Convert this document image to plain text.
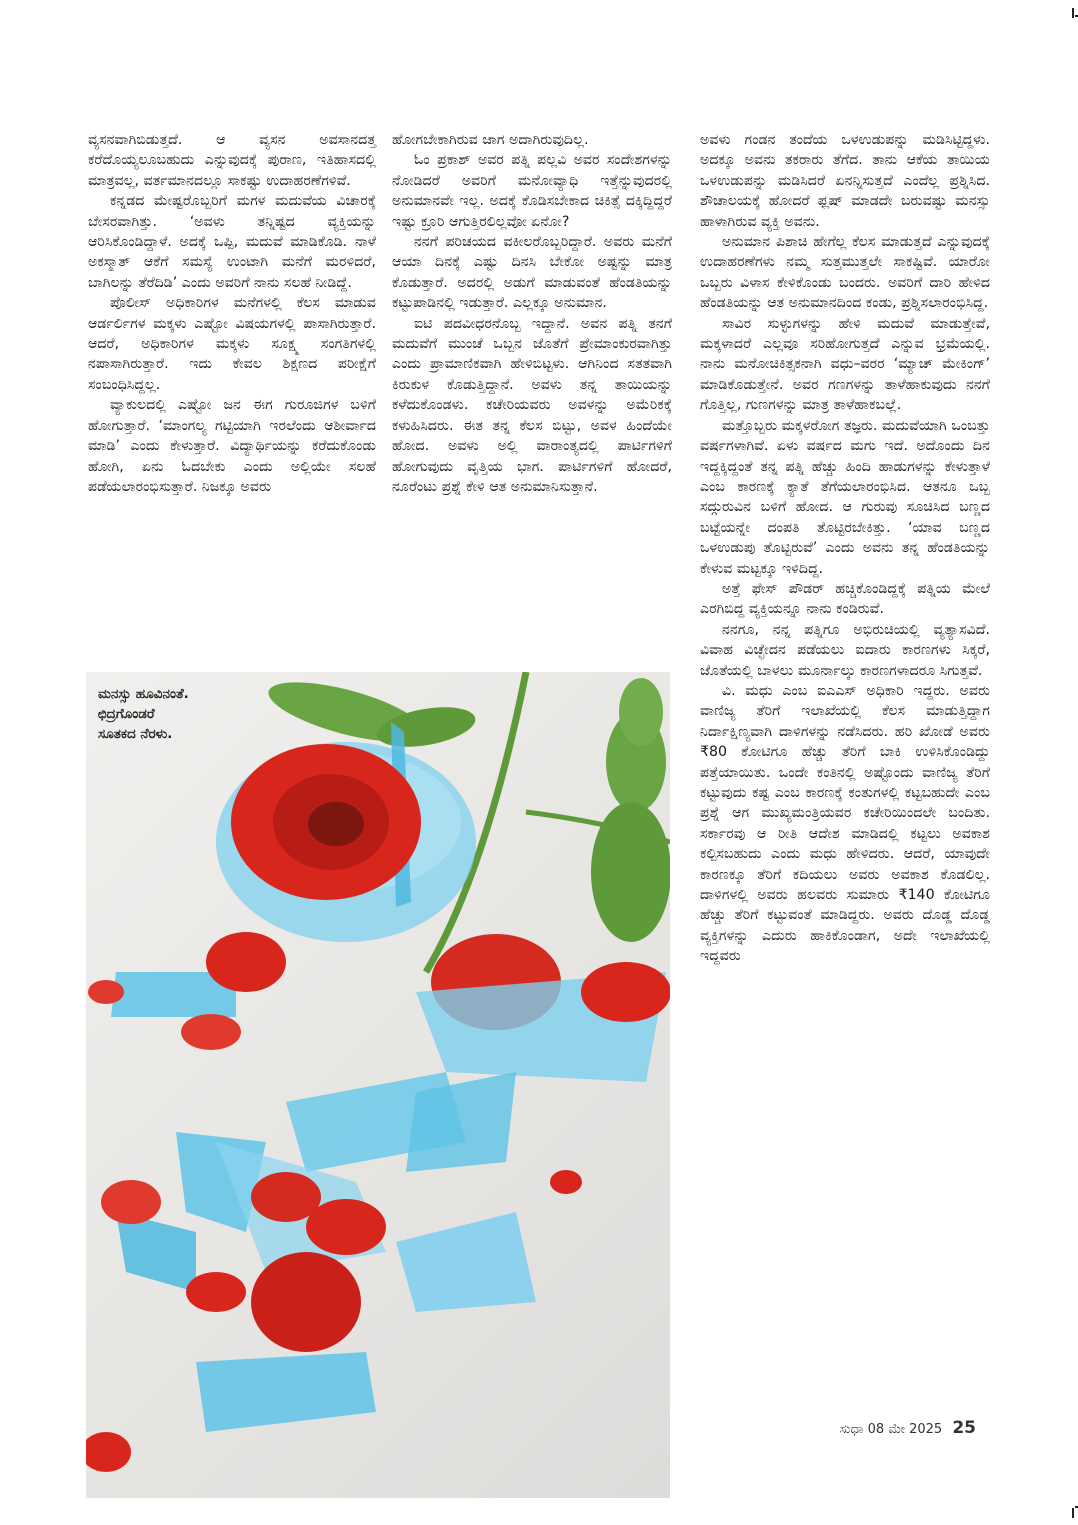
ವ್ಯಸನವಾಗಿಬಿಡುತ್ತದೆ. ಆ ವ್ಯಸನ ಅವಸಾನದತ್ತ ಕರೆದೊಯ್ಯಲೂಬಹುದು ಎನ್ನುವುದಕ್ಕೆ ಪುರಾಣ, ಇತಿಹಾಸದಲ್ಲಿ ಮಾತ್ರವಲ್ಲ, ವರ್ತಮಾನದಲ್ಲೂ ಸಾಕಷ್ಟು ಉದಾಹರಣೆಗಳಿವೆ.

ಕನ್ನಡದ ಮೇಷ್ಟರೊಬ್ಬರಿಗೆ ಮಗಳ ಮದುವೆಯ ವಿಚಾರಕ್ಕೆ ಬೇಸರವಾಗಿತ್ತು. ‘ಅವಳು ತನ್ನಿಷ್ಟದ ವ್ಯಕ್ತಿಯನ್ನು ಆರಿಸಿಕೊಂಡಿದ್ದಾಳೆ. ಅದಕ್ಕೆ ಒಪ್ಪಿ, ಮದುವೆ ಮಾಡಿಕೊಡಿ. ನಾಳೆ ಅಕಸ್ಮಾತ್ ಆಕೆಗೆ ಸಮಸ್ಯೆ ಉಂಟಾಗಿ ಮನೆಗೆ ಮರಳಿದರೆ, ಬಾಗಿಲನ್ನು ತೆರೆದಿಡಿ’ ಎಂದು ಅವರಿಗೆ ನಾನು ಸಲಹೆ ನೀಡಿದ್ದೆ.

ಪೊಲೀಸ್ ಅಧಿಕಾರಿಗಳ ಮನೆಗಳಲ್ಲಿ ಕೆಲಸ ಮಾಡುವ ಆರ್ಡರ್ಲಿಗಳ ಮಕ್ಕಳು ಎಷ್ಟೋ ವಿಷಯಗಳಲ್ಲಿ ಪಾಸಾಗಿರುತ್ತಾರೆ. ಆದರೆ, ಅಧಿಕಾರಿಗಳ ಮಕ್ಕಳು ಸೂಕ್ಷ್ಮ ಸಂಗತಿಗಳಲ್ಲಿ ನಪಾಸಾಗಿರುತ್ತಾರೆ. ಇದು ಕೇವಲ ಶಿಕ್ಷಣದ ಪರೀಕ್ಷೆಗೆ ಸಂಬಂಧಿಸಿದ್ದಲ್ಲ.

ವ್ಯಾಕುಲದಲ್ಲಿ ಎಷ್ಟೋ ಜನ ಈಗ ಗುರೂಜಿಗಳ ಬಳಿಗೆ ಹೋಗುತ್ತಾರೆ. ‘ಮಾಂಗಲ್ಯ ಗಟ್ಟಿಯಾಗಿ ಇರಲೆಂದು ಆಶೀರ್ವಾದ ಮಾಡಿ’ ಎಂದು ಕೇಳುತ್ತಾರೆ. ವಿದ್ಯಾರ್ಥಿಯನ್ನು ಕರೆದುಕೊಂಡು ಹೋಗಿ, ಏನು ಓದಬೇಕು ಎಂದು ಅಲ್ಲಿಯೇ ಸಲಹೆ ಪಡೆಯಲಾರಂಭಿಸುತ್ತಾರೆ. ನಿಜಕ್ಕೂ ಅವರು

ಹೋಗಬೇಕಾಗಿರುವ ಜಾಗ ಅದಾಗಿರುವುದಿಲ್ಲ.

ಓಂ ಪ್ರಕಾಶ್ ಅವರ ಪತ್ನಿ ಪಲ್ಲವಿ ಅವರ ಸಂದೇಶಗಳನ್ನು ನೋಡಿದರೆ ಅವರಿಗೆ ಮನೋವ್ಯಾಧಿ ಇತ್ತೆನ್ನುವುದರಲ್ಲಿ ಅನುಮಾನವೇ ಇಲ್ಲ. ಅದಕ್ಕೆ ಕೊಡಿಸಬೇಕಾದ ಚಿಕಿತ್ಸೆ ದಕ್ಕಿದ್ದಿದ್ದರೆ ಇಷ್ಟು ಕ್ರೂರಿ ಆಗುತ್ತಿರಲಿಲ್ಲವೋ ಏನೋ?

ನನಗೆ ಪರಿಚಯದ ವಕೀಲರೊಬ್ಬರಿದ್ದಾರೆ. ಅವರು ಮನೆಗೆ ಆಯಾ ದಿನಕ್ಕೆ ಎಷ್ಟು ದಿನಸಿ ಬೇಕೋ ಅಷ್ಟನ್ನು ಮಾತ್ರ ಕೊಡುತ್ತಾರೆ. ಅದರಲ್ಲಿ ಅಡುಗೆ ಮಾಡುವಂತೆ ಹೆಂಡತಿಯನ್ನು ಕಟ್ಟುಪಾಡಿನಲ್ಲಿ ಇಡುತ್ತಾರೆ. ಎಲ್ಲಕ್ಕೂ ಅನುಮಾನ.

ಐಟಿ ಪದವೀಧರನೊಬ್ಬ ಇದ್ದಾನೆ. ಅವನ ಪತ್ನಿ ತನಗೆ ಮದುವೆಗೆ ಮುಂಚೆ ಒಬ್ಬನ ಜೊತೆಗೆ ಪ್ರೇಮಾಂಕುರವಾಗಿತ್ತು ಎಂದು ಪ್ರಾಮಾಣಿಕವಾಗಿ ಹೇಳಿಬಿಟ್ಟಳು. ಆಗಿನಿಂದ ಸತತವಾಗಿ ಕಿರುಕುಳ ಕೊಡುತ್ತಿದ್ದಾನೆ. ಅವಳು ತನ್ನ ತಾಯಿಯನ್ನು ಕಳೆದುಕೊಂಡಳು. ಕಚೇರಿಯವರು ಅವಳನ್ನು ಅಮೆರಿಕಕ್ಕೆ ಕಳುಹಿಸಿದರು. ಈತ ತನ್ನ ಕೆಲಸ ಬಿಟ್ಟು, ಅವಳ ಹಿಂದೆಯೇ ಹೋದ. ಅವಳು ಅಲ್ಲಿ ವಾರಾಂತ್ಯದಲ್ಲಿ ಪಾರ್ಟಿಗಳಿಗೆ ಹೋಗುವುದು ವೃತ್ತಿಯ ಭಾಗ. ಪಾರ್ಟಿಗಳಿಗೆ ಹೋದರೆ, ನೂರೆಂಟು ಪ್ರಶ್ನೆ ಕೇಳಿ ಆತ ಅನುಮಾನಿಸುತ್ತಾನೆ.

ಅವಳು ಗಂಡನ ತಂದೆಯ ಒಳಉಡುಪನ್ನು ಮಡಿಸಿಟ್ಟಿದ್ದಳು. ಅದಕ್ಕೂ ಅವನು ತಕರಾರು ತೆಗೆದ. ತಾನು ಆಕೆಯ ತಾಯಿಯ ಒಳಉಡುಪನ್ನು ಮಡಿಸಿದರೆ ಏನನ್ನಿಸುತ್ತದೆ ಎಂದೆಲ್ಲ ಪ್ರಶ್ನಿಸಿದ. ಶೌಚಾಲಯಕ್ಕೆ ಹೋದರೆ ಫ್ಲಷ್ ಮಾಡದೇ ಬರುವಷ್ಟು ಮನಸ್ಸು ಹಾಳಾಗಿರುವ ವ್ಯಕ್ತಿ ಅವನು.

ಅನುಮಾನ ಪಿಶಾಚಿ ಹೇಗೆಲ್ಲ ಕೆಲಸ ಮಾಡುತ್ತದೆ ಎನ್ನುವುದಕ್ಕೆ ಉದಾಹರಣೆಗಳು ನಮ್ಮ ಸುತ್ತಮುತ್ತಲೇ ಸಾಕಷ್ಟಿವೆ. ಯಾರೋ ಒಬ್ಬರು ವಿಳಾಸ ಕೇಳಿಕೊಂಡು ಬಂದರು. ಅವರಿಗೆ ದಾರಿ ಹೇಳಿದ ಹೆಂಡತಿಯನ್ನು ಆತ ಅನುಮಾನದಿಂದ ಕಂಡು, ಪ್ರಶ್ನಿಸಲಾರಂಭಿಸಿದ್ದ.

ಸಾವಿರ ಸುಳ್ಳುಗಳನ್ನು ಹೇಳಿ ಮದುವೆ ಮಾಡುತ್ತೇವೆ, ಮಕ್ಕಳಾದರೆ ಎಲ್ಲವೂ ಸರಿಹೋಗುತ್ತದೆ ಎನ್ನುವ ಭ್ರಮೆಯಲ್ಲಿ. ನಾನು ಮನೋಚಿಕಿತ್ಸಕನಾಗಿ ವಧು–ವರರ ‘ಮ್ಯಾಚ್ ಮೇಕಿಂಗ್’ ಮಾಡಿಕೊಡುತ್ತೇನೆ. ಅವರ ಗಣಗಳನ್ನು ತಾಳೆಹಾಕುವುದು ನನಗೆ ಗೊತ್ತಿಲ್ಲ, ಗುಣಗಳನ್ನು ಮಾತ್ರ ತಾಳೆಹಾಕಬಲ್ಲೆ.

ಮತ್ತೊಬ್ಬರು ಮಕ್ಕಳರೋಗ ತಜ್ಞರು. ಮದುವೆಯಾಗಿ ಒಂಬತ್ತು ವರ್ಷಗಳಾಗಿವೆ. ಏಳು ವರ್ಷದ ಮಗು ಇದೆ. ಅದೊಂದು ದಿನ ಇದ್ದಕ್ಕಿದ್ದಂತೆ ತನ್ನ ಪತ್ನಿ ಹೆಚ್ಚು ಹಿಂದಿ ಹಾಡುಗಳನ್ನು ಕೇಳುತ್ತಾಳೆ ಎಂಬ ಕಾರಣಕ್ಕೆ ಕ್ಯಾತೆ ತೆಗೆಯಲಾರಂಭಿಸಿದ. ಆತನೂ ಒಬ್ಬ ಸದ್ಗುರುವಿನ ಬಳಿಗೆ ಹೋದ. ಆ ಗುರುವು ಸೂಚಿಸಿದ ಬಣ್ಣದ ಬಟ್ಟೆಯನ್ನೇ ದಂಪತಿ ತೊಟ್ಟಿರಬೇಕಿತ್ತು. ‘ಯಾವ ಬಣ್ಣದ ಒಳಉಡುಪು ತೊಟ್ಟಿರುವೆ’ ಎಂದು ಅವನು ತನ್ನ ಹೆಂಡತಿಯನ್ನು ಕೇಳುವ ಮಟ್ಟಕ್ಕೂ ಇಳಿದಿದ್ದ.

ಅತ್ತೆ ಫೇಸ್ ಪೌಡರ್ ಹಚ್ಚಿಕೊಂಡಿದ್ದಕ್ಕೆ ಪತ್ನಿಯ ಮೇಲೆ ಎರಗಿಬಿದ್ದ ವ್ಯಕ್ತಿಯನ್ನೂ ನಾನು ಕಂಡಿರುವೆ.

ನನಗೂ, ನನ್ನ ಪತ್ನಿಗೂ ಅಭಿರುಚಿಯಲ್ಲಿ ವ್ಯತ್ಯಾಸವಿದೆ. ವಿವಾಹ ವಿಚ್ಛೇದನ ಪಡೆಯಲು ಐದಾರು ಕಾರಣಗಳು ಸಿಕ್ಕರೆ, ಜೊತೆಯಲ್ಲಿ ಬಾಳಲು ಮೂರ್ನಾಲ್ಕು ಕಾರಣಗಳಾದರೂ ಸಿಗುತ್ತವೆ.

ವಿ. ಮಧು ಎಂಬ ಐಎಎಸ್ ಅಧಿಕಾರಿ ಇದ್ದರು. ಅವರು ವಾಣಿಜ್ಯ ತೆರಿಗೆ ಇಲಾಖೆಯಲ್ಲಿ ಕೆಲಸ ಮಾಡುತ್ತಿದ್ದಾಗ ನಿರ್ದಾಕ್ಷಿಣ್ಯವಾಗಿ ದಾಳಿಗಳನ್ನು ನಡೆಸಿದರು. ಹರಿ ಖೋಡೆ ಅವರು ₹80 ಕೋಟಿಗೂ ಹೆಚ್ಚು ತೆರಿಗೆ ಬಾಕಿ ಉಳಿಸಿಕೊಂಡಿದ್ದು ಪತ್ತೆಯಾಯಿತು. ಒಂದೇ ಕಂತಿನಲ್ಲಿ ಅಷ್ಟೊಂದು ವಾಣಿಜ್ಯ ತೆರಿಗೆ ಕಟ್ಟುವುದು ಕಷ್ಟ ಎಂಬ ಕಾರಣಕ್ಕೆ ಕಂತುಗಳಲ್ಲಿ ಕಟ್ಟಬಹುದೇ ಎಂಬ ಪ್ರಶ್ನೆ ಆಗ ಮುಖ್ಯಮಂತ್ರಿಯವರ ಕಚೇರಿಯಿಂದಲೇ ಬಂದಿತು. ಸರ್ಕಾರವು ಆ ರೀತಿ ಆದೇಶ ಮಾಡಿದಲ್ಲಿ ಕಟ್ಟಲು ಅವಕಾಶ ಕಲ್ಪಿಸಬಹುದು ಎಂದು ಮಧು ಹೇಳಿದರು. ಆದರೆ, ಯಾವುದೇ ಕಾರಣಕ್ಕೂ ತೆರಿಗೆ ಕದಿಯಲು ಅವರು ಅವಕಾಶ ಕೊಡಲಿಲ್ಲ. ದಾಳಿಗಳಲ್ಲಿ ಅವರು ಹಲವರು ಸುಮಾರು ₹140 ಕೋಟಿಗೂ ಹೆಚ್ಚು ತೆರಿಗೆ ಕಟ್ಟುವಂತೆ ಮಾಡಿದ್ದರು. ಅವರು ದೊಡ್ಡ ದೊಡ್ಡ ವ್ಯಕ್ತಿಗಳನ್ನು ಎದುರು ಹಾಕಿಕೊಂಡಾಗ, ಅದೇ ಇಲಾಖೆಯಲ್ಲಿ ಇದ್ದವರು

ಮನಸ್ಸು ಹೂವಿನಂತೆ.
ಛಿದ್ರಗೊಂಡರೆ
ಸೂತಕದ ನೆರಳು.
ಸುಧಾ 08 ಮೇ 2025 25
